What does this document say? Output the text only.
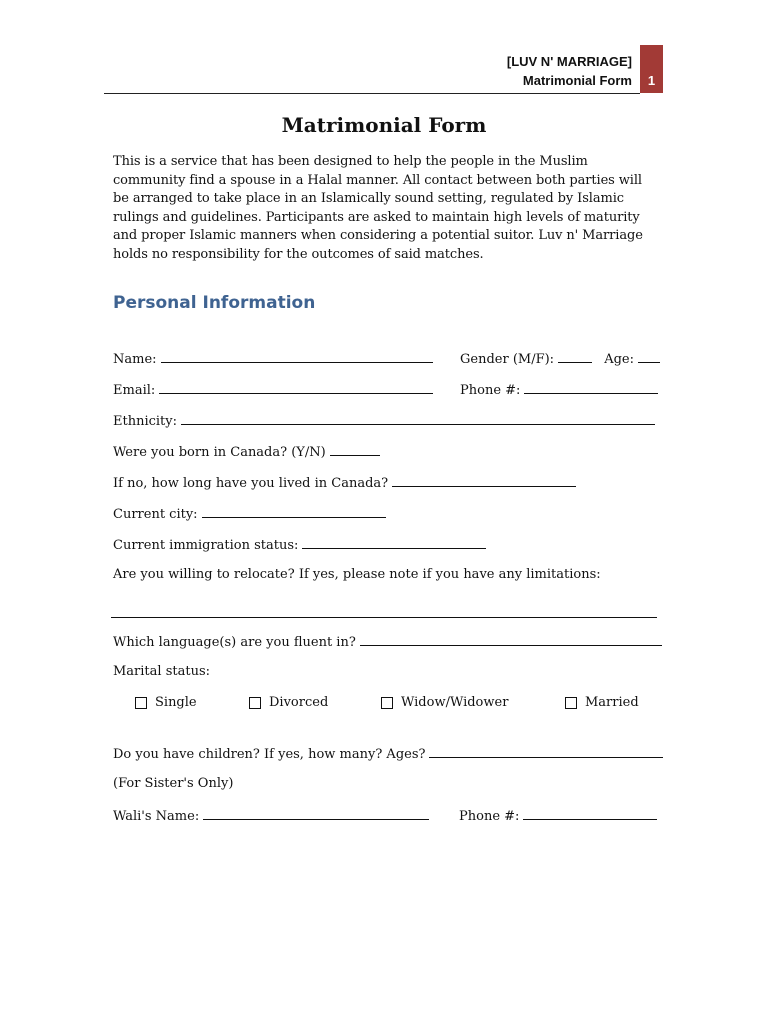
[LUV N' MARRIAGE]
Matrimonial Form 1
Matrimonial Form

This is a service that has been designed to help the people in the Muslim community find a spouse in a Halal manner. All contact between both parties will be arranged to take place in an Islamically sound setting, regulated by Islamic rulings and guidelines. Participants are asked to maintain high levels of maturity and proper Islamic manners when considering a potential suitor. Luv n' Marriage holds no responsibility for the outcomes of said matches.

Personal Information
Name:	Gender (M/F):	Age:
Email:	Phone #:
Ethnicity:
Were you born in Canada? (Y/N)
If no, how long have you lived in Canada?
Current city:
Current immigration status:
Are you willing to relocate? If yes, please note if you have any limitations:
Which language(s) are you fluent in?
Marital status:
Single	Divorced	Widow/Widower	Married
Do you have children? If yes, how many? Ages?
(For Sister's Only)
Wali's Name:	Phone #:
